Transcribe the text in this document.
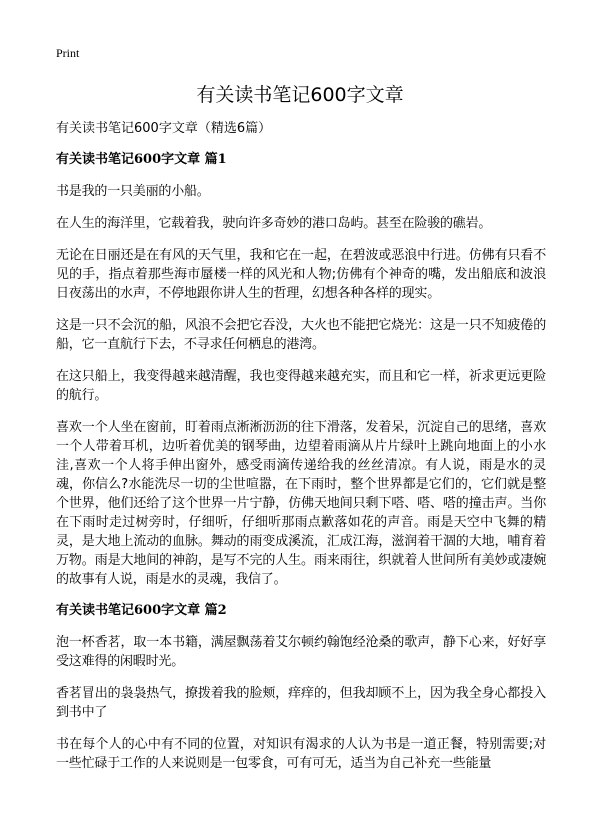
Print
有关读书笔记600字文章

有关读书笔记600字文章（精选6篇）

有关读书笔记600字文章 篇1

书是我的一只美丽的小船。

在人生的海洋里，它载着我，驶向许多奇妙的港口岛屿。甚至在险骏的礁岩。

无论在日丽还是在有风的天气里，我和它在一起，在碧波或恶浪中行进。仿佛有只看不见的手，指点着那些海市蜃楼一样的风光和人物;仿佛有个神奇的嘴，发出船底和波浪日夜荡出的水声，不停地跟你讲人生的哲理，幻想各种各样的现实。

这是一只不会沉的船，风浪不会把它吞没，大火也不能把它烧光：这是一只不知疲倦的船，它一直航行下去，不寻求任何栖息的港湾。

在这只船上，我变得越来越清醒，我也变得越来越充实，而且和它一样，祈求更远更险的航行。

喜欢一个人坐在窗前，盯着雨点淅淅沥沥的往下滑落，发着呆，沉淀自己的思绪，喜欢一个人带着耳机，边听着优美的钢琴曲，边望着雨滴从片片绿叶上跳向地面上的小水洼,喜欢一个人将手伸出窗外，感受雨滴传递给我的丝丝清凉。有人说，雨是水的灵魂，你信么?水能洗尽一切的尘世喧嚣，在下雨时，整个世界都是它们的，它们就是整个世界，他们还给了这个世界一片宁静，仿佛天地间只剩下嗒、嗒、嗒的撞击声。当你在下雨时走过树旁时，仔细听，仔细听那雨点歉落如花的声音。雨是天空中飞舞的精灵，是大地上流动的血脉。舞动的雨变成溪流，汇成江海，滋润着干涸的大地，哺育着万物。雨是大地间的神韵，是写不完的人生。雨来雨往，织就着人世间所有美妙或凄婉的故事有人说，雨是水的灵魂，我信了。

有关读书笔记600字文章 篇2

泡一杯香茗，取一本书籍，满屋飘荡着艾尔顿约翰饱经沧桑的歌声，静下心来，好好享受这难得的闲暇时光。

香茗冒出的袅袅热气，撩拨着我的脸颊，痒痒的，但我却顾不上，因为我全身心都投入到书中了

书在每个人的心中有不同的位置，对知识有渴求的人认为书是一道正餐，特别需要;对一些忙碌于工作的人来说则是一包零食，可有可无，适当为自己补充一些能量
